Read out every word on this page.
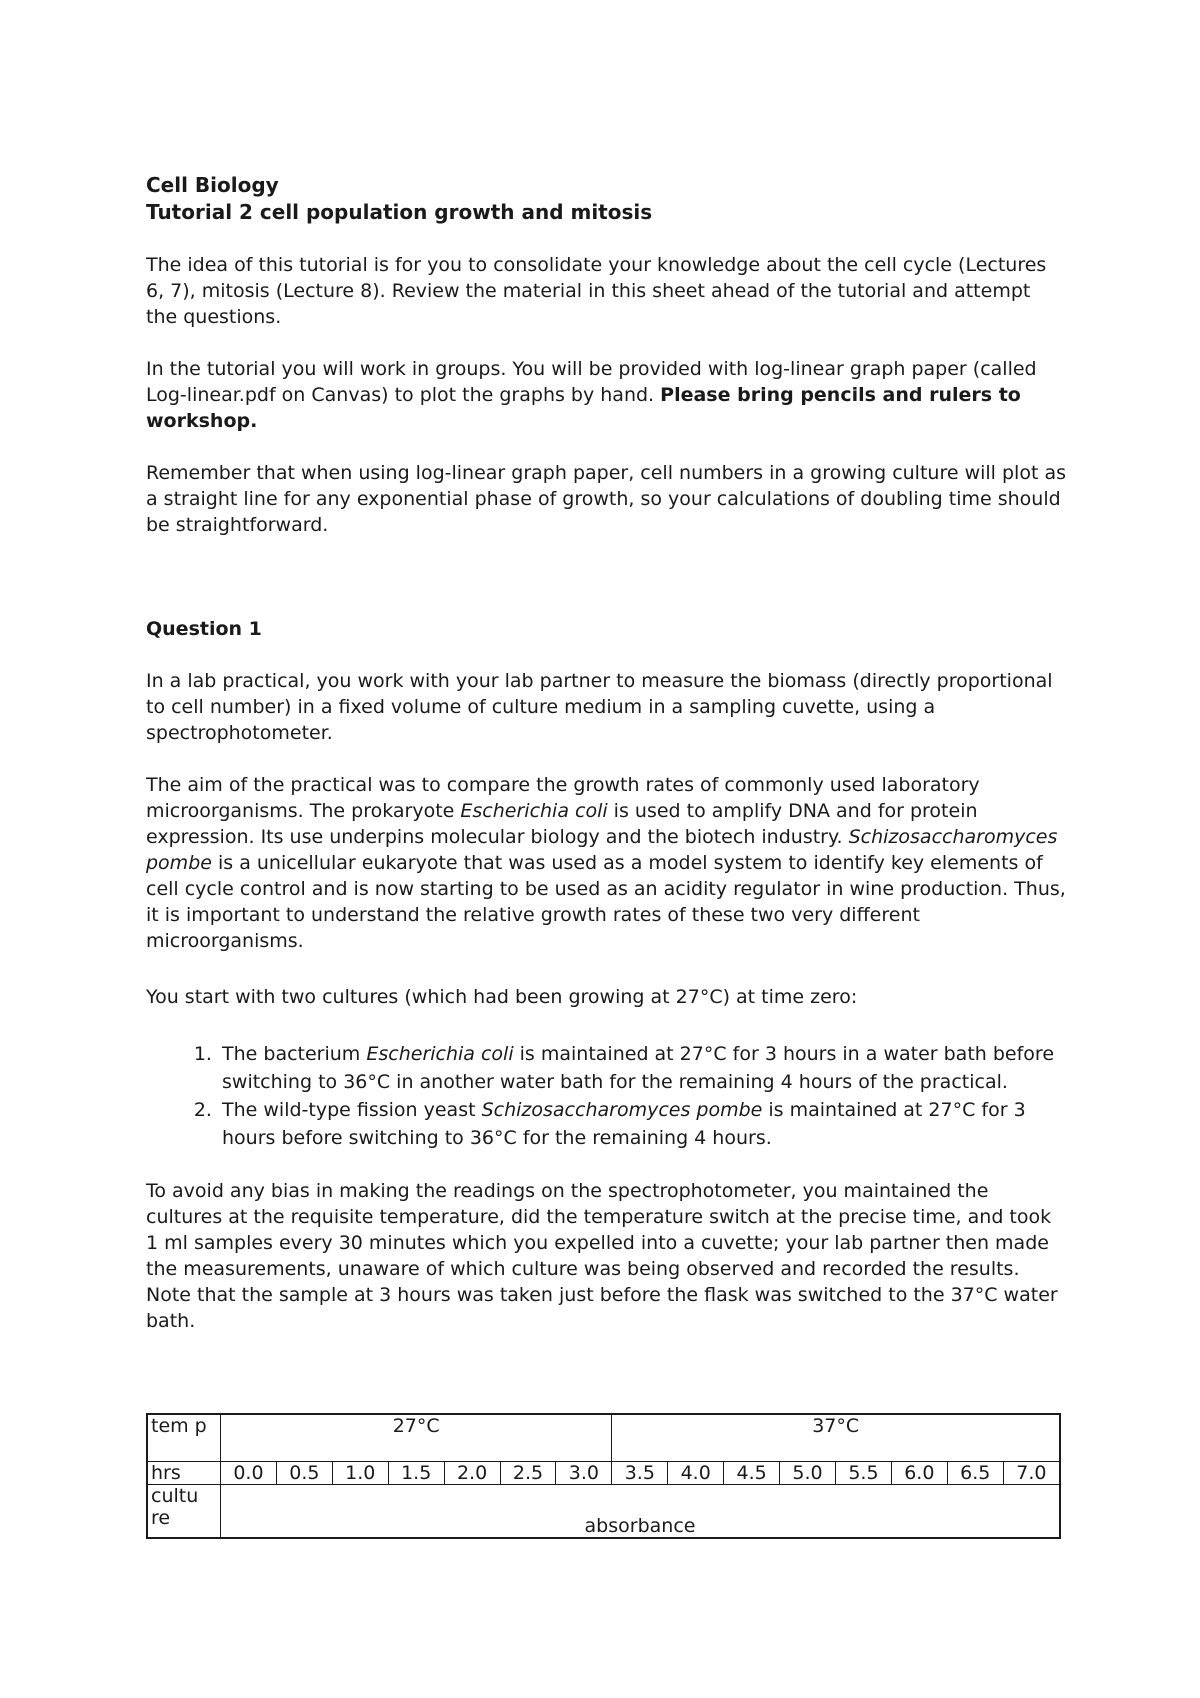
Cell Biology

Tutorial 2 cell population growth and mitosis

The idea of this tutorial is for you to consolidate your knowledge about the cell cycle (Lectures 6, 7), mitosis (Lecture 8). Review the material in this sheet ahead of the tutorial and attempt the questions.

In the tutorial you will work in groups. You will be provided with log-linear graph paper (called Log-linear.pdf on Canvas) to plot the graphs by hand. Please bring pencils and rulers to workshop.

Remember that when using log-linear graph paper, cell numbers in a growing culture will plot as a straight line for any exponential phase of growth, so your calculations of doubling time should be straightforward.

Question 1

In a lab practical, you work with your lab partner to measure the biomass (directly proportional to cell number) in a fixed volume of culture medium in a sampling cuvette, using a spectrophotometer.

The aim of the practical was to compare the growth rates of commonly used laboratory microorganisms. The prokaryote Escherichia coli is used to amplify DNA and for protein expression. Its use underpins molecular biology and the biotech industry. Schizosaccharomyces pombe is a unicellular eukaryote that was used as a model system to identify key elements of cell cycle control and is now starting to be used as an acidity regulator in wine production. Thus, it is important to understand the relative growth rates of these two very different microorganisms.

You start with two cultures (which had been growing at 27°C) at time zero:

1. The bacterium Escherichia coli is maintained at 27°C for 3 hours in a water bath before switching to 36°C in another water bath for the remaining 4 hours of the practical.
2. The wild-type fission yeast Schizosaccharomyces pombe is maintained at 27°C for 3 hours before switching to 36°C for the remaining 4 hours.

To avoid any bias in making the readings on the spectrophotometer, you maintained the cultures at the requisite temperature, did the temperature switch at the precise time, and took 1 ml samples every 30 minutes which you expelled into a cuvette; your lab partner then made the measurements, unaware of which culture was being observed and recorded the results. Note that the sample at 3 hours was taken just before the flask was switched to the 37°C water bath.

tem p	27°C							37°C							
hrs	0.0	0.5	1.0	1.5	2.0	2.5	3.0	3.5	4.0	4.5	5.0	5.5	6.0	6.5	7.0
cultu re	absorbance														
